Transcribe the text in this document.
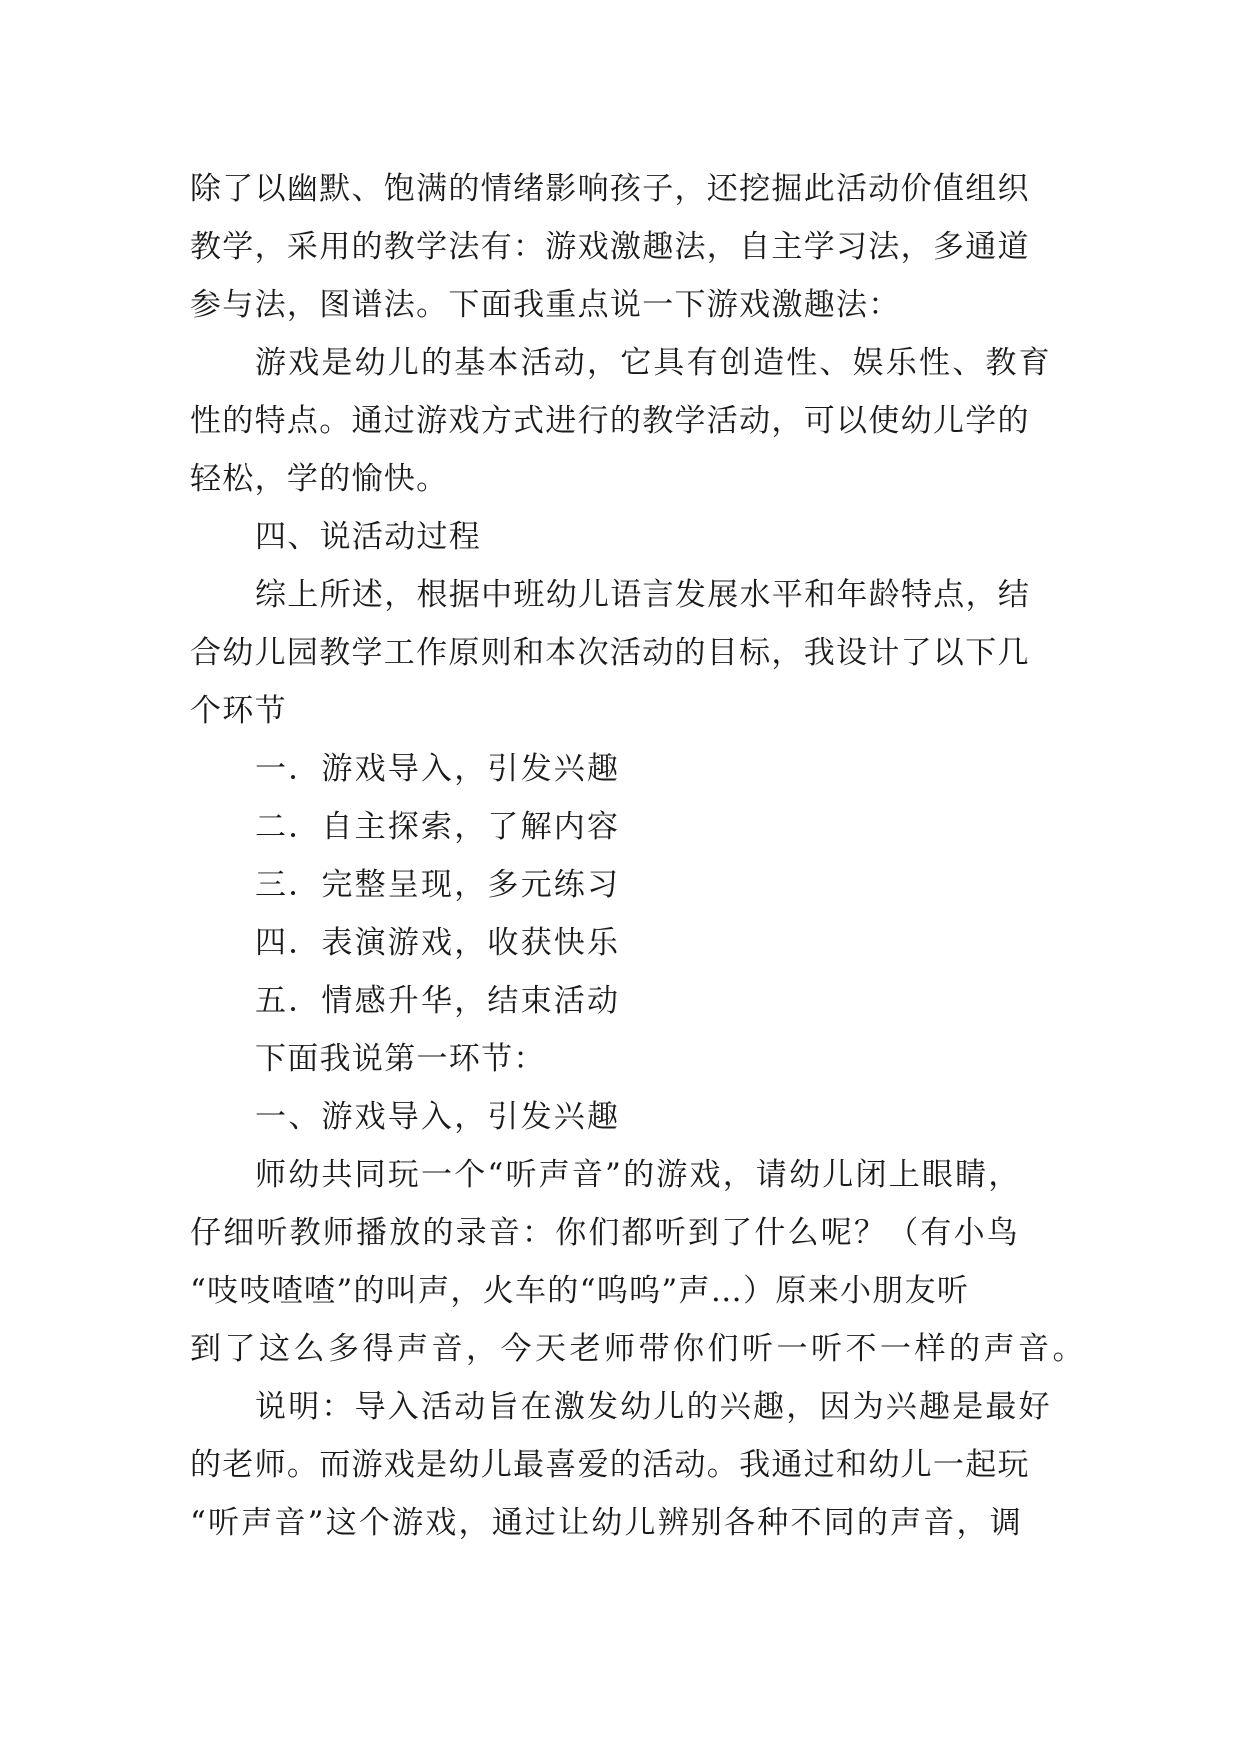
除了以幽默、饱满的情绪影响孩子，还挖掘此活动价值组织
教学，采用的教学法有：游戏激趣法，自主学习法，多通道
参与法，图谱法。下面我重点说一下游戏激趣法：
游戏是幼儿的基本活动，它具有创造性、娱乐性、教育
性的特点。通过游戏方式进行的教学活动，可以使幼儿学的
轻松，学的愉快。
四、说活动过程
综上所述，根据中班幼儿语言发展水平和年龄特点，结
合幼儿园教学工作原则和本次活动的目标，我设计了以下几
个环节
一．游戏导入，引发兴趣
二．自主探索，了解内容
三．完整呈现，多元练习
四．表演游戏，收获快乐
五．情感升华，结束活动
下面我说第一环节：
一、游戏导入，引发兴趣
师幼共同玩一个“听声音”的游戏，请幼儿闭上眼睛，
仔细听教师播放的录音：你们都听到了什么呢？（有小鸟
“吱吱喳喳”的叫声，火车的“呜呜”声…）原来小朋友听
到了这么多得声音，今天老师带你们听一听不一样的声音。
说明：导入活动旨在激发幼儿的兴趣，因为兴趣是最好
的老师。而游戏是幼儿最喜爱的活动。我通过和幼儿一起玩
“听声音”这个游戏，通过让幼儿辨别各种不同的声音，调
